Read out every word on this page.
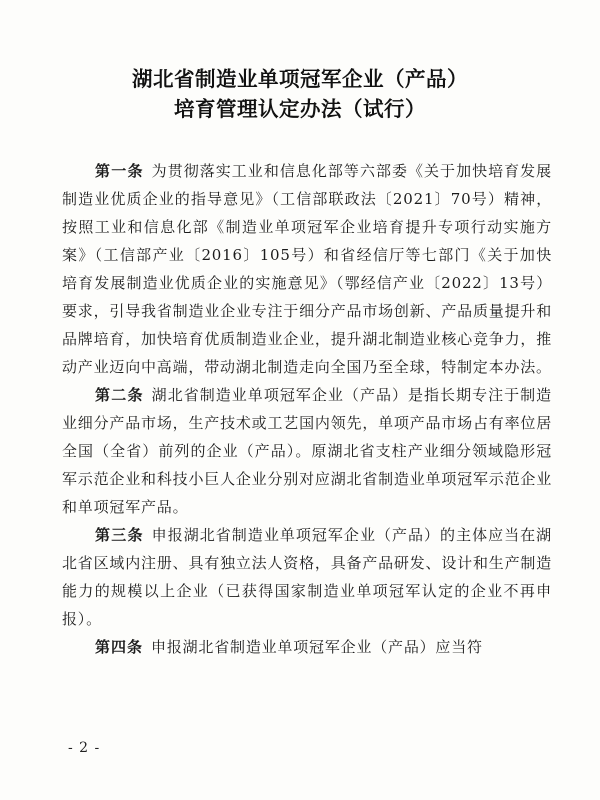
湖北省制造业单项冠军企业（产品）
培育管理认定办法（试行）

第一条 为贯彻落实工业和信息化部等六部委《关于加快培育发展制造业优质企业的指导意见》（工信部联政法〔2021〕70号）精神，按照工业和信息化部《制造业单项冠军企业培育提升专项行动实施方案》（工信部产业〔2016〕105号）和省经信厅等七部门《关于加快培育发展制造业优质企业的实施意见》（鄂经信产业〔2022〕13号）要求，引导我省制造业企业专注于细分产品市场创新、产品质量提升和品牌培育，加快培育优质制造业企业，提升湖北制造业核心竞争力，推动产业迈向中高端，带动湖北制造走向全国乃至全球，特制定本办法。

第二条 湖北省制造业单项冠军企业（产品）是指长期专注于制造业细分产品市场，生产技术或工艺国内领先，单项产品市场占有率位居全国（全省）前列的企业（产品）。原湖北省支柱产业细分领域隐形冠军示范企业和科技小巨人企业分别对应湖北省制造业单项冠军示范企业和单项冠军产品。

第三条 申报湖北省制造业单项冠军企业（产品）的主体应当在湖北省区域内注册、具有独立法人资格，具备产品研发、设计和生产制造能力的规模以上企业（已获得国家制造业单项冠军认定的企业不再申报）。

第四条 申报湖北省制造业单项冠军企业（产品）应当符

- 2 -
